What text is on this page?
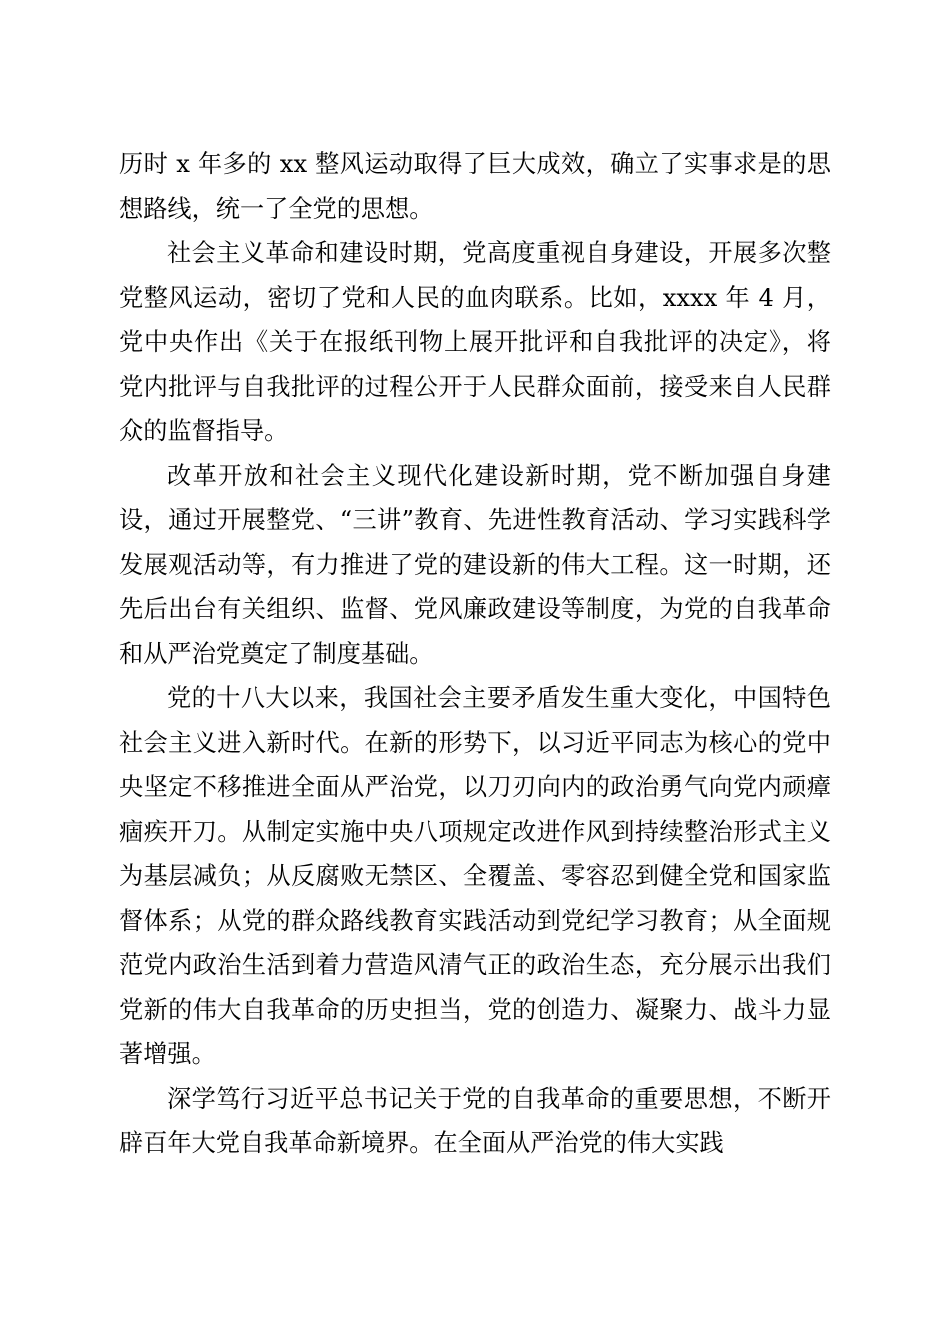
历时 x 年多的 xx 整风运动取得了巨大成效，确立了实事求是的思想路线，统一了全党的思想。

社会主义革命和建设时期，党高度重视自身建设，开展多次整党整风运动，密切了党和人民的血肉联系。比如，xxxx 年 4 月，党中央作出《关于在报纸刊物上展开批评和自我批评的决定》，将党内批评与自我批评的过程公开于人民群众面前，接受来自人民群众的监督指导。

改革开放和社会主义现代化建设新时期，党不断加强自身建设，通过开展整党、“三讲”教育、先进性教育活动、学习实践科学发展观活动等，有力推进了党的建设新的伟大工程。这一时期，还先后出台有关组织、监督、党风廉政建设等制度，为党的自我革命和从严治党奠定了制度基础。

党的十八大以来，我国社会主要矛盾发生重大变化，中国特色社会主义进入新时代。在新的形势下，以习近平同志为核心的党中央坚定不移推进全面从严治党，以刀刃向内的政治勇气向党内顽瘴痼疾开刀。从制定实施中央八项规定改进作风到持续整治形式主义为基层减负；从反腐败无禁区、全覆盖、零容忍到健全党和国家监督体系；从党的群众路线教育实践活动到党纪学习教育；从全面规范党内政治生活到着力营造风清气正的政治生态，充分展示出我们党新的伟大自我革命的历史担当，党的创造力、凝聚力、战斗力显著增强。

深学笃行习近平总书记关于党的自我革命的重要思想，不断开辟百年大党自我革命新境界。在全面从严治党的伟大实践
